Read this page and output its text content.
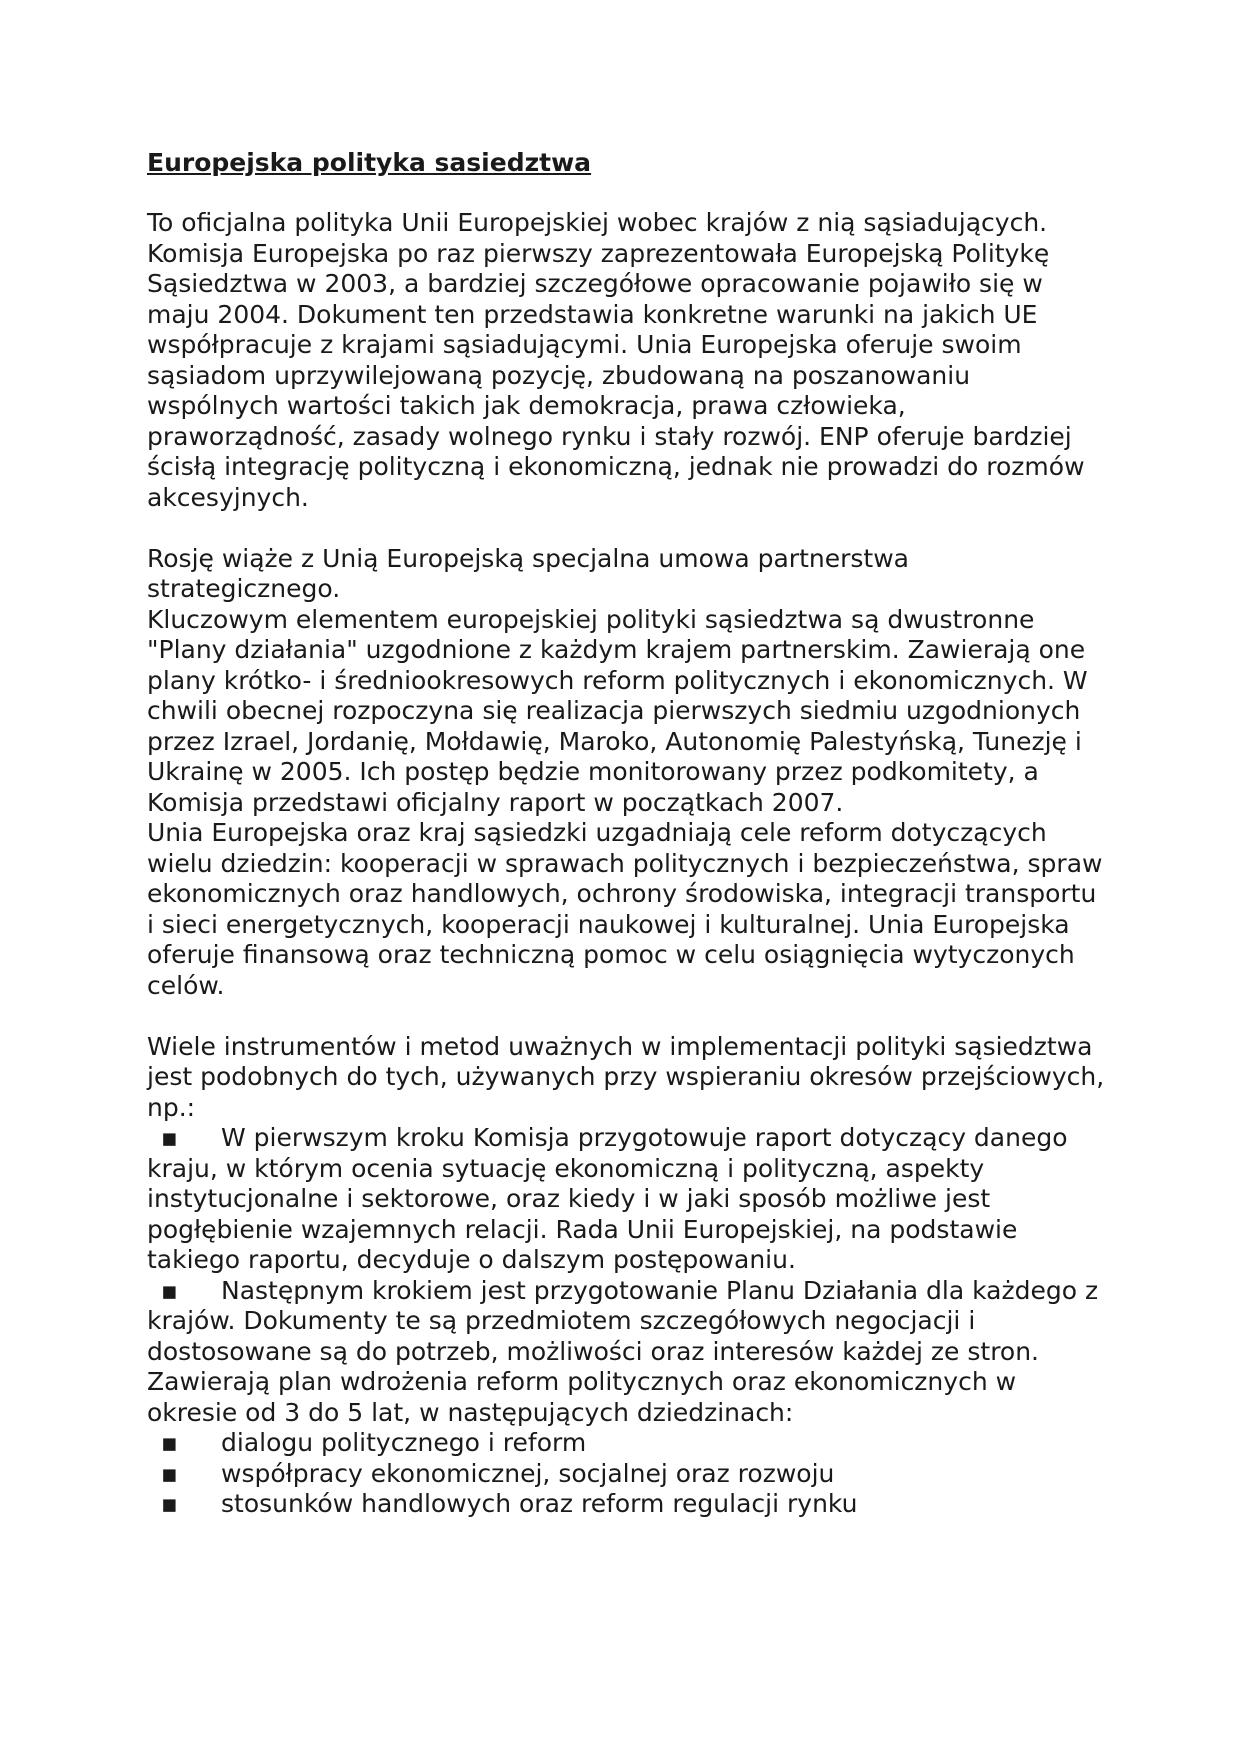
Europejska polityka sasiedztwa

To oficjalna polityka Unii Europejskiej wobec krajów z nią sąsiadujących. Komisja Europejska po raz pierwszy zaprezentowała Europejską Politykę Sąsiedztwa w 2003, a bardziej szczegółowe opracowanie pojawiło się w maju 2004. Dokument ten przedstawia konkretne warunki na jakich UE współpracuje z krajami sąsiadującymi. Unia Europejska oferuje swoim sąsiadom uprzywilejowaną pozycję, zbudowaną na poszanowaniu wspólnych wartości takich jak demokracja, prawa człowieka, praworządność, zasady wolnego rynku i stały rozwój. ENP oferuje bardziej ścisłą integrację polityczną i ekonomiczną, jednak nie prowadzi do rozmów akcesyjnych.

Rosję wiąże z Unią Europejską specjalna umowa partnerstwa strategicznego.

Kluczowym elementem europejskiej polityki sąsiedztwa są dwustronne "Plany działania" uzgodnione z każdym krajem partnerskim. Zawierają one plany krótko- i średniookresowych reform politycznych i ekonomicznych. W chwili obecnej rozpoczyna się realizacja pierwszych siedmiu uzgodnionych przez Izrael, Jordanię, Mołdawię, Maroko, Autonomię Palestyńską, Tunezję i Ukrainę w 2005. Ich postęp będzie monitorowany przez podkomitety, a Komisja przedstawi oficjalny raport w początkach 2007.

Unia Europejska oraz kraj sąsiedzki uzgadniają cele reform dotyczących wielu dziedzin: kooperacji w sprawach politycznych i bezpieczeństwa, spraw ekonomicznych oraz handlowych, ochrony środowiska, integracji transportu i sieci energetycznych, kooperacji naukowej i kulturalnej. Unia Europejska oferuje finansową oraz techniczną pomoc w celu osiągnięcia wytyczonych celów.

Wiele instrumentów i metod uważnych w implementacji polityki sąsiedztwa jest podobnych do tych, używanych przy wspieraniu okresów przejściowych, np.:

▪ W pierwszym kroku Komisja przygotowuje raport dotyczący danego kraju, w którym ocenia sytuację ekonomiczną i polityczną, aspekty instytucjonalne i sektorowe, oraz kiedy i w jaki sposób możliwe jest pogłębienie wzajemnych relacji. Rada Unii Europejskiej, na podstawie takiego raportu, decyduje o dalszym postępowaniu.

▪ Następnym krokiem jest przygotowanie Planu Działania dla każdego z krajów. Dokumenty te są przedmiotem szczegółowych negocjacji i dostosowane są do potrzeb, możliwości oraz interesów każdej ze stron. Zawierają plan wdrożenia reform politycznych oraz ekonomicznych w okresie od 3 do 5 lat, w następujących dziedzinach:

▪	dialogu politycznego i reform

▪	współpracy ekonomicznej, socjalnej oraz rozwoju

▪	stosunków handlowych oraz reform regulacji rynku
